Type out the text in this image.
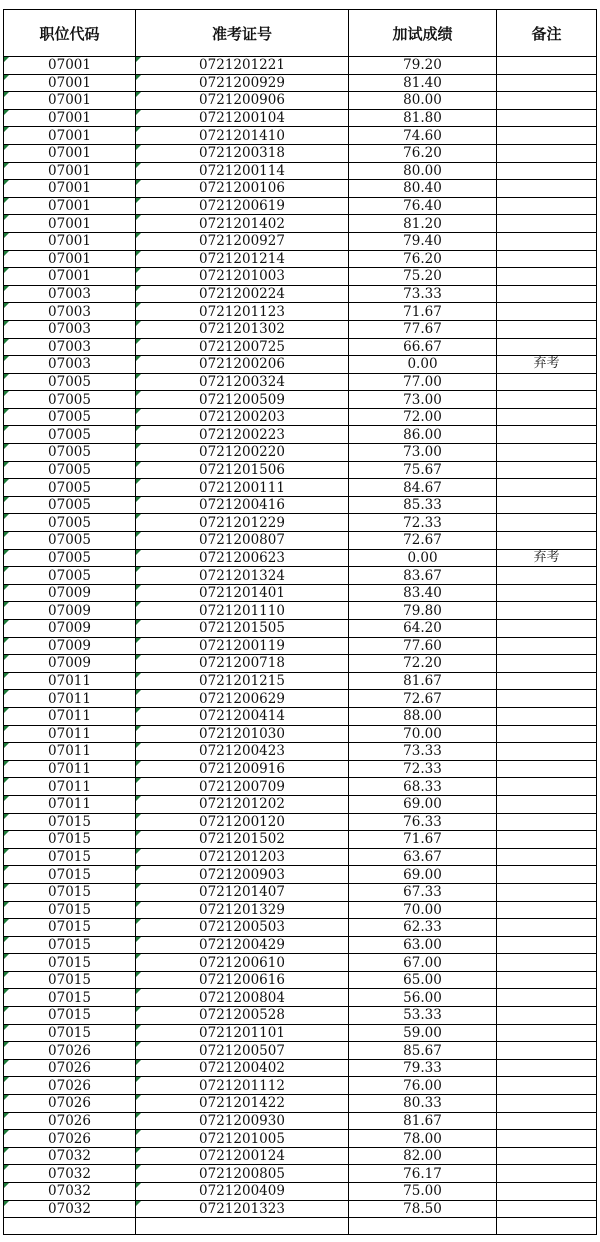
职位代码	准考证号	加试成绩	备注
07001	0721201221	79.20	
07001	0721200929	81.40	
07001	0721200906	80.00	
07001	0721200104	81.80	
07001	0721201410	74.60	
07001	0721200318	76.20	
07001	0721200114	80.00	
07001	0721200106	80.40	
07001	0721200619	76.40	
07001	0721201402	81.20	
07001	0721200927	79.40	
07001	0721201214	76.20	
07001	0721201003	75.20	
07003	0721200224	73.33	
07003	0721201123	71.67	
07003	0721201302	77.67	
07003	0721200725	66.67	
07003	0721200206	0.00	弃考
07005	0721200324	77.00	
07005	0721200509	73.00	
07005	0721200203	72.00	
07005	0721200223	86.00	
07005	0721200220	73.00	
07005	0721201506	75.67	
07005	0721200111	84.67	
07005	0721200416	85.33	
07005	0721201229	72.33	
07005	0721200807	72.67	
07005	0721200623	0.00	弃考
07005	0721201324	83.67	
07009	0721201401	83.40	
07009	0721201110	79.80	
07009	0721201505	64.20	
07009	0721200119	77.60	
07009	0721200718	72.20	
07011	0721201215	81.67	
07011	0721200629	72.67	
07011	0721200414	88.00	
07011	0721201030	70.00	
07011	0721200423	73.33	
07011	0721200916	72.33	
07011	0721200709	68.33	
07011	0721201202	69.00	
07015	0721200120	76.33	
07015	0721201502	71.67	
07015	0721201203	63.67	
07015	0721200903	69.00	
07015	0721201407	67.33	
07015	0721201329	70.00	
07015	0721200503	62.33	
07015	0721200429	63.00	
07015	0721200610	67.00	
07015	0721200616	65.00	
07015	0721200804	56.00	
07015	0721200528	53.33	
07015	0721201101	59.00	
07026	0721200507	85.67	
07026	0721200402	79.33	
07026	0721201112	76.00	
07026	0721201422	80.33	
07026	0721200930	81.67	
07026	0721201005	78.00	
07032	0721200124	82.00	
07032	0721200805	76.17	
07032	0721200409	75.00	
07032	0721201323	78.50	
